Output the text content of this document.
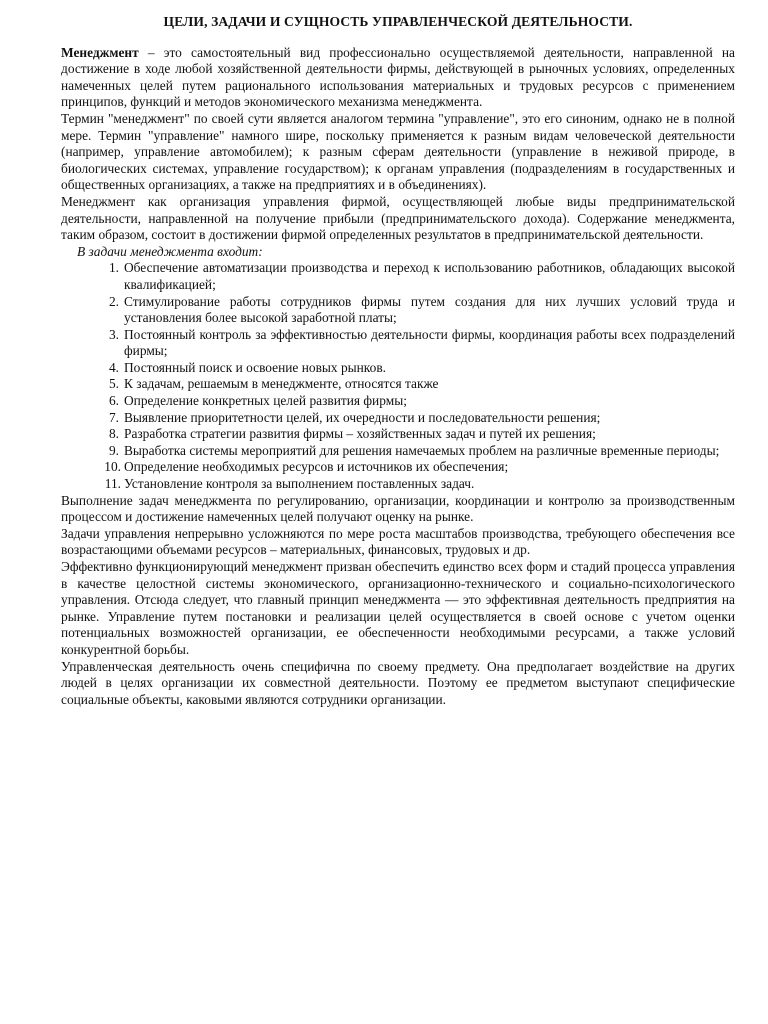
ЦЕЛИ, ЗАДАЧИ И СУЩНОСТЬ УПРАВЛЕНЧЕСКОЙ ДЕЯТЕЛЬНОСТИ.

Менеджмент – это самостоятельный вид профессионально осуществляемой деятельности, направленной на достижение в ходе любой хозяйственной деятельности фирмы, действующей в рыночных условиях, определенных намеченных целей путем рационального использования материальных и трудовых ресурсов с применением принципов, функций и методов экономического механизма менеджмента.

Термин "менеджмент" по своей сути является аналогом термина "управление", это его синоним, однако не в полной мере. Термин "управление" намного шире, поскольку применяется к разным видам человеческой деятельности (например, управление автомобилем); к разным сферам деятельности (управление в неживой природе, в биологических системах, управление государством); к органам управления (подразделениям в государственных и общественных организациях, а также на предприятиях и в объединениях).

Менеджмент как организация управления фирмой, осуществляющей любые виды предпринимательской деятельности, направленной на получение прибыли (предпринимательского дохода). Содержание менеджмента, таким образом, состоит в достижении фирмой определенных результатов в предпринимательской деятельности.

В задачи менеджмента входит:

1. Обеспечение автоматизации производства и переход к использованию работников, обладающих высокой квалификацией;
2. Стимулирование работы сотрудников фирмы путем создания для них лучших условий труда и установления более высокой заработной платы;
3. Постоянный контроль за эффективностью деятельности фирмы, координация работы всех подразделений фирмы;
4. Постоянный поиск и освоение новых рынков.
5. К задачам, решаемым в менеджменте, относятся также
6. Определение конкретных целей развития фирмы;
7. Выявление приоритетности целей, их очередности и последовательности решения;
8. Разработка стратегии развития фирмы – хозяйственных задач и путей их решения;
9. Выработка системы мероприятий для решения намечаемых проблем на различные временные периоды;
10. Определение необходимых ресурсов и источников их обеспечения;
11. Установление контроля за выполнением поставленных задач.

Выполнение задач менеджмента по регулированию, организации, координации и контролю за производственным процессом и достижение намеченных целей получают оценку на рынке.

Задачи управления непрерывно усложняются по мере роста масштабов производства, требующего обеспечения все возрастающими объемами ресурсов – материальных, финансовых, трудовых и др.

Эффективно функционирующий менеджмент призван обеспечить единство всех форм и стадий процесса управления в качестве целостной системы экономического, организационно-технического и социально-психологического управления. Отсюда следует, что главный принцип менеджмента — это эффективная деятельность предприятия на рынке. Управление путем постановки и реализации целей осуществляется в своей основе с учетом оценки потенциальных возможностей организации, ее обеспеченности необходимыми ресурсами, а также условий конкурентной борьбы.

Управленческая деятельность очень специфична по своему предмету. Она предполагает воздействие на других людей в целях организации их совместной деятельности. Поэтому ее предметом выступают специфические социальные объекты, каковыми являются сотрудники организации.
